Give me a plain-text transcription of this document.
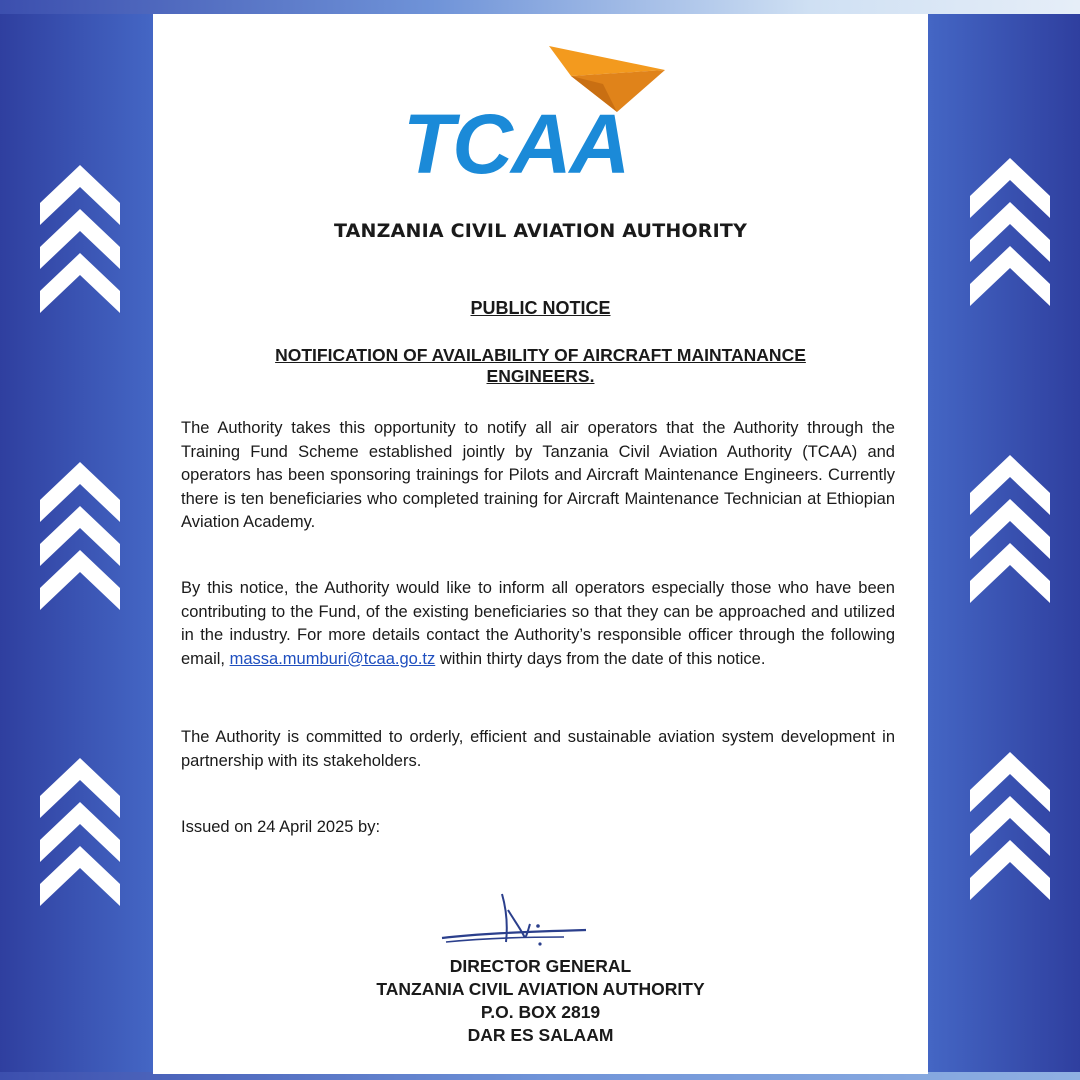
TCAA
TANZANIA CIVIL AVIATION AUTHORITY
PUBLIC NOTICE
NOTIFICATION OF AVAILABILITY OF AIRCRAFT MAINTANANCE
ENGINEERS.

The Authority takes this opportunity to notify all air operators that the Authority through the Training Fund Scheme established jointly by Tanzania Civil Aviation Authority (TCAA) and operators has been sponsoring trainings for Pilots and Aircraft Maintenance Engineers. Currently there is ten beneficiaries who completed training for Aircraft Maintenance Technician at Ethiopian Aviation Academy.

By this notice, the Authority would like to inform all operators especially those who have been contributing to the Fund, of the existing beneficiaries so that they can be approached and utilized in the industry. For more details contact the Authority’s responsible officer through the following email, massa.mumburi@tcaa.go.tz within thirty days from the date of this notice.

The Authority is committed to orderly, efficient and sustainable aviation system development in partnership with its stakeholders.

Issued on 24 April 2025 by:
DIRECTOR GENERAL
TANZANIA CIVIL AVIATION AUTHORITY
P.O. BOX 2819
DAR ES SALAAM
